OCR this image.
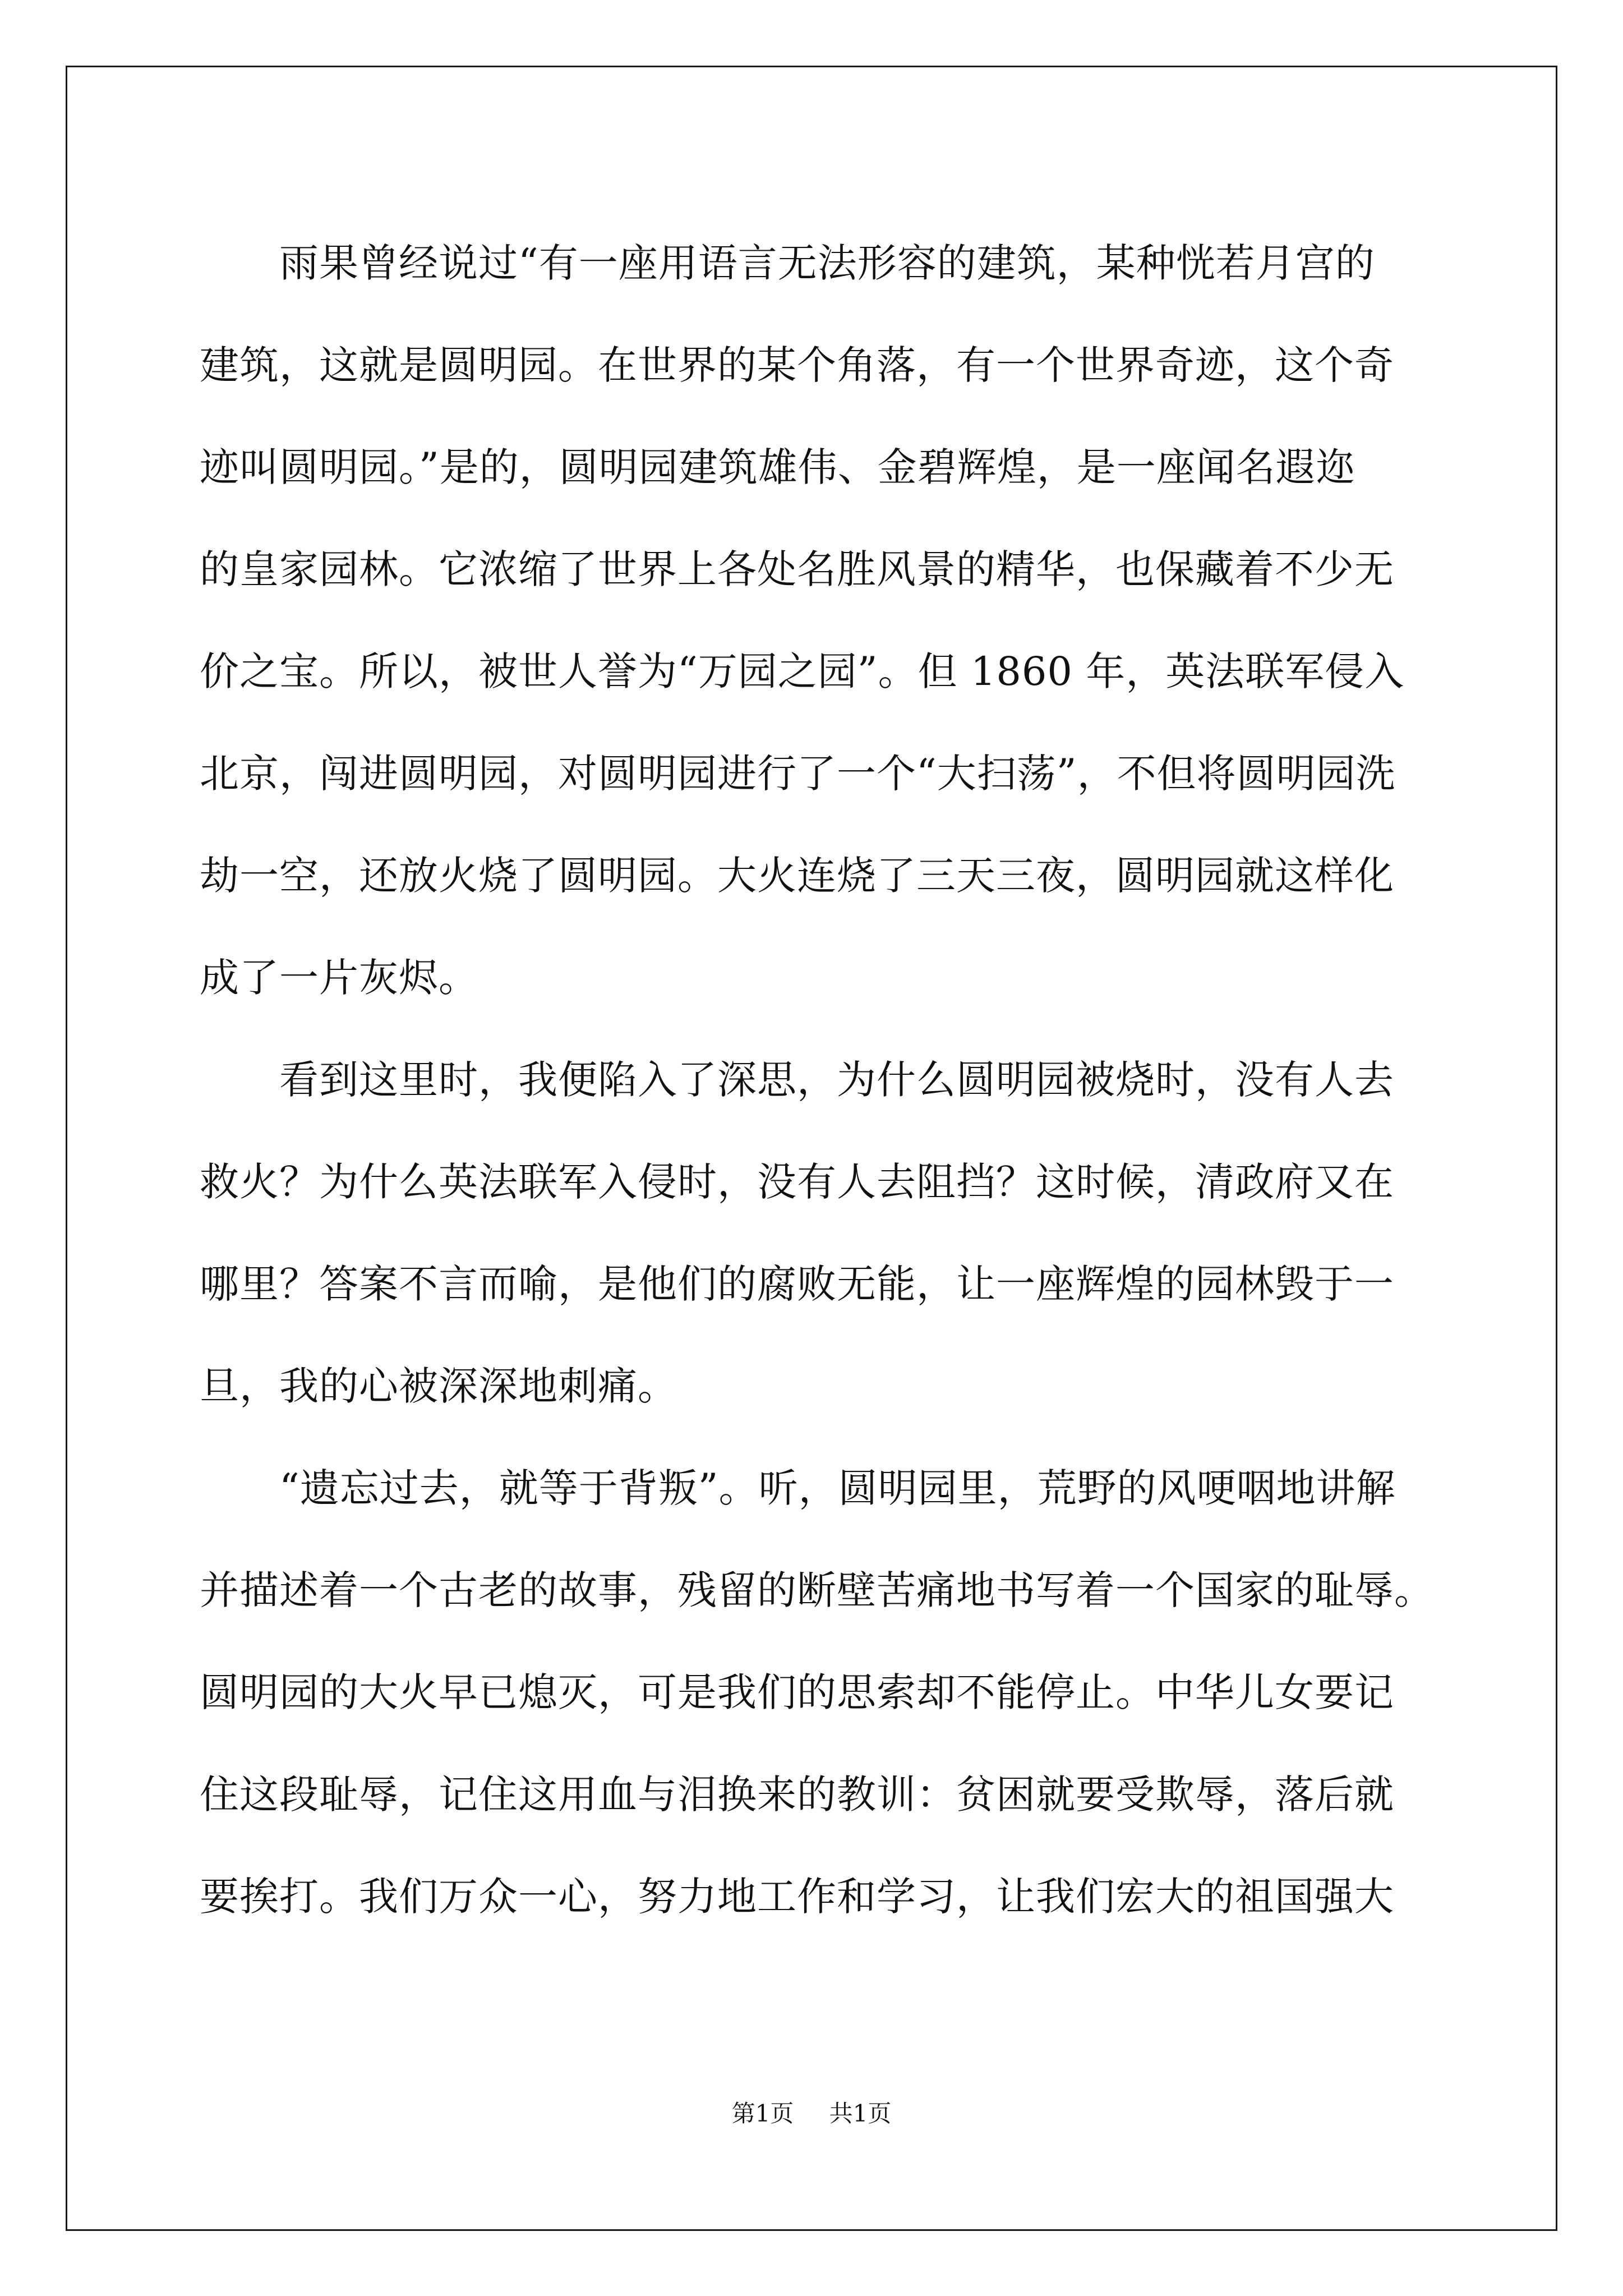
　　雨果曾经说过“有一座用语言无法形容的建筑，某种恍若月宫的
建筑，这就是圆明园。在世界的某个角落，有一个世界奇迹，这个奇
迹叫圆明园。”是的，圆明园建筑雄伟、金碧辉煌，是一座闻名遐迩
的皇家园林。它浓缩了世界上各处名胜风景的精华，也保藏着不少无
价之宝。所以，被世人誉为“万园之园”。但 1860 年，英法联军侵入
北京，闯进圆明园，对圆明园进行了一个“大扫荡”，不但将圆明园洗
劫一空，还放火烧了圆明园。大火连烧了三天三夜，圆明园就这样化
成了一片灰烬。
　　看到这里时，我便陷入了深思，为什么圆明园被烧时，没有人去
救火？为什么英法联军入侵时，没有人去阻挡？这时候，清政府又在
哪里？答案不言而喻，是他们的腐败无能，让一座辉煌的园林毁于一
旦，我的心被深深地刺痛。
　　“遗忘过去，就等于背叛”。听，圆明园里，荒野的风哽咽地讲解
并描述着一个古老的故事，残留的断壁苦痛地书写着一个国家的耻辱。
圆明园的大火早已熄灭，可是我们的思索却不能停止。中华儿女要记
住这段耻辱，记住这用血与泪换来的教训：贫困就要受欺辱，落后就
要挨打。我们万众一心，努力地工作和学习，让我们宏大的祖国强大
第1页 共1页
